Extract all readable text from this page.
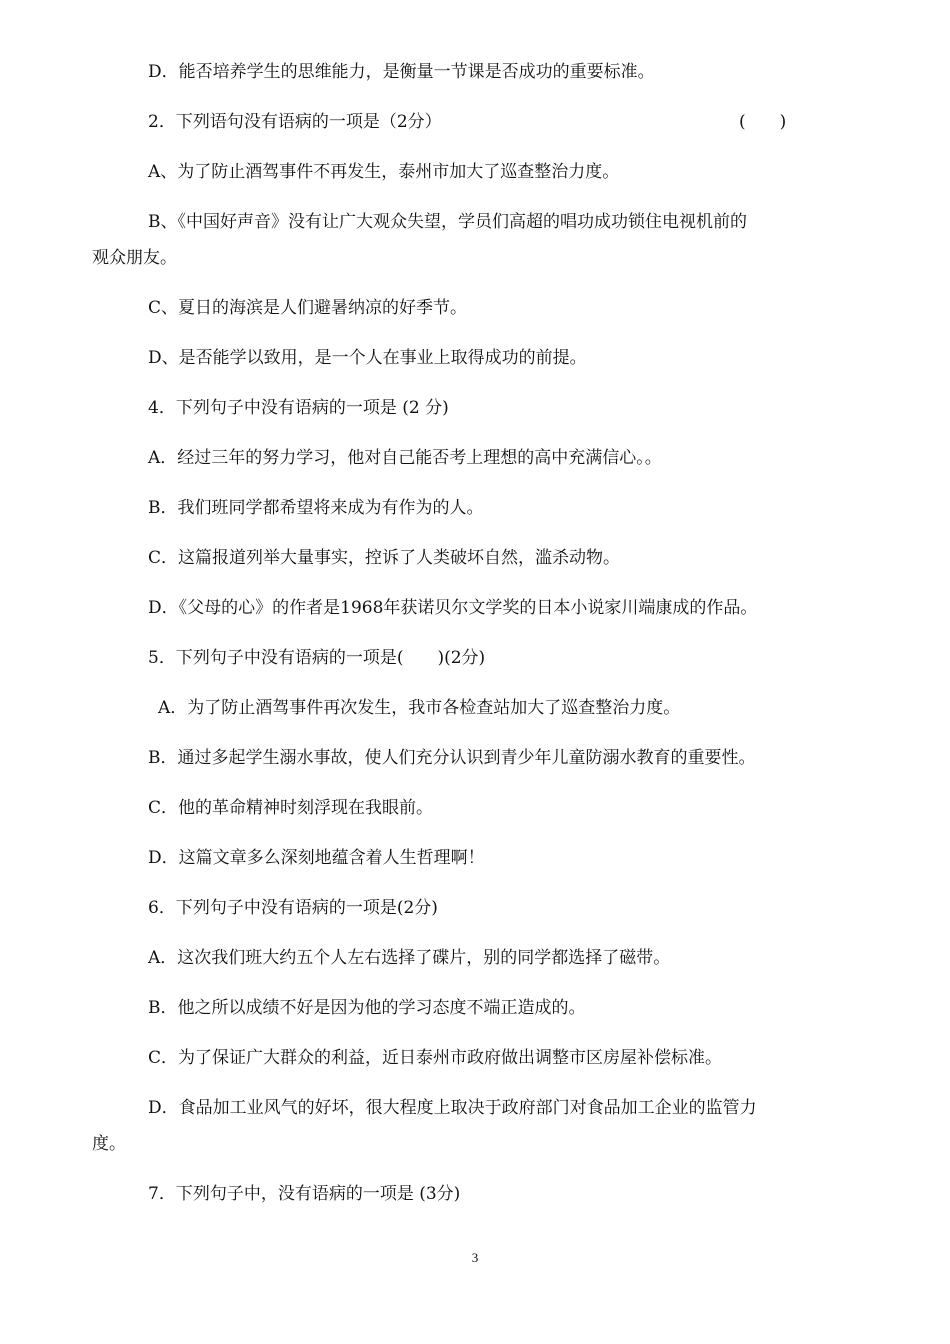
D．能否培养学生的思维能力，是衡量一节课是否成功的重要标准。
2．下列语句没有语病的一项是（2分）	(　　)
A、为了防止酒驾事件不再发生，泰州市加大了巡查整治力度。
B、《中国好声音》没有让广大观众失望，学员们高超的唱功成功锁住电视机前的
观众朋友。
C、夏日的海滨是人们避暑纳凉的好季节。
D、是否能学以致用，是一个人在事业上取得成功的前提。
4．下列句子中没有语病的一项是 (2 分)
A．经过三年的努力学习，他对自己能否考上理想的高中充满信心。。
B．我们班同学都希望将来成为有作为的人。
C．这篇报道列举大量事实，控诉了人类破坏自然，滥杀动物。
D．《父母的心》的作者是1968年获诺贝尔文学奖的日本小说家川端康成的作品。
5．下列句子中没有语病的一项是(　　)(2分)
A．为了防止酒驾事件再次发生，我市各检查站加大了巡查整治力度。
B．通过多起学生溺水事故，使人们充分认识到青少年儿童防溺水教育的重要性。
C．他的革命精神时刻浮现在我眼前。
D．这篇文章多么深刻地蕴含着人生哲理啊！
6．下列句子中没有语病的一项是(2分)
A．这次我们班大约五个人左右选择了碟片，别的同学都选择了磁带。
B．他之所以成绩不好是因为他的学习态度不端正造成的。
C．为了保证广大群众的利益，近日泰州市政府做出调整市区房屋补偿标准。
D．食品加工业风气的好坏，很大程度上取决于政府部门对食品加工企业的监管力
度。
7．下列句子中，没有语病的一项是 (3分)
3
